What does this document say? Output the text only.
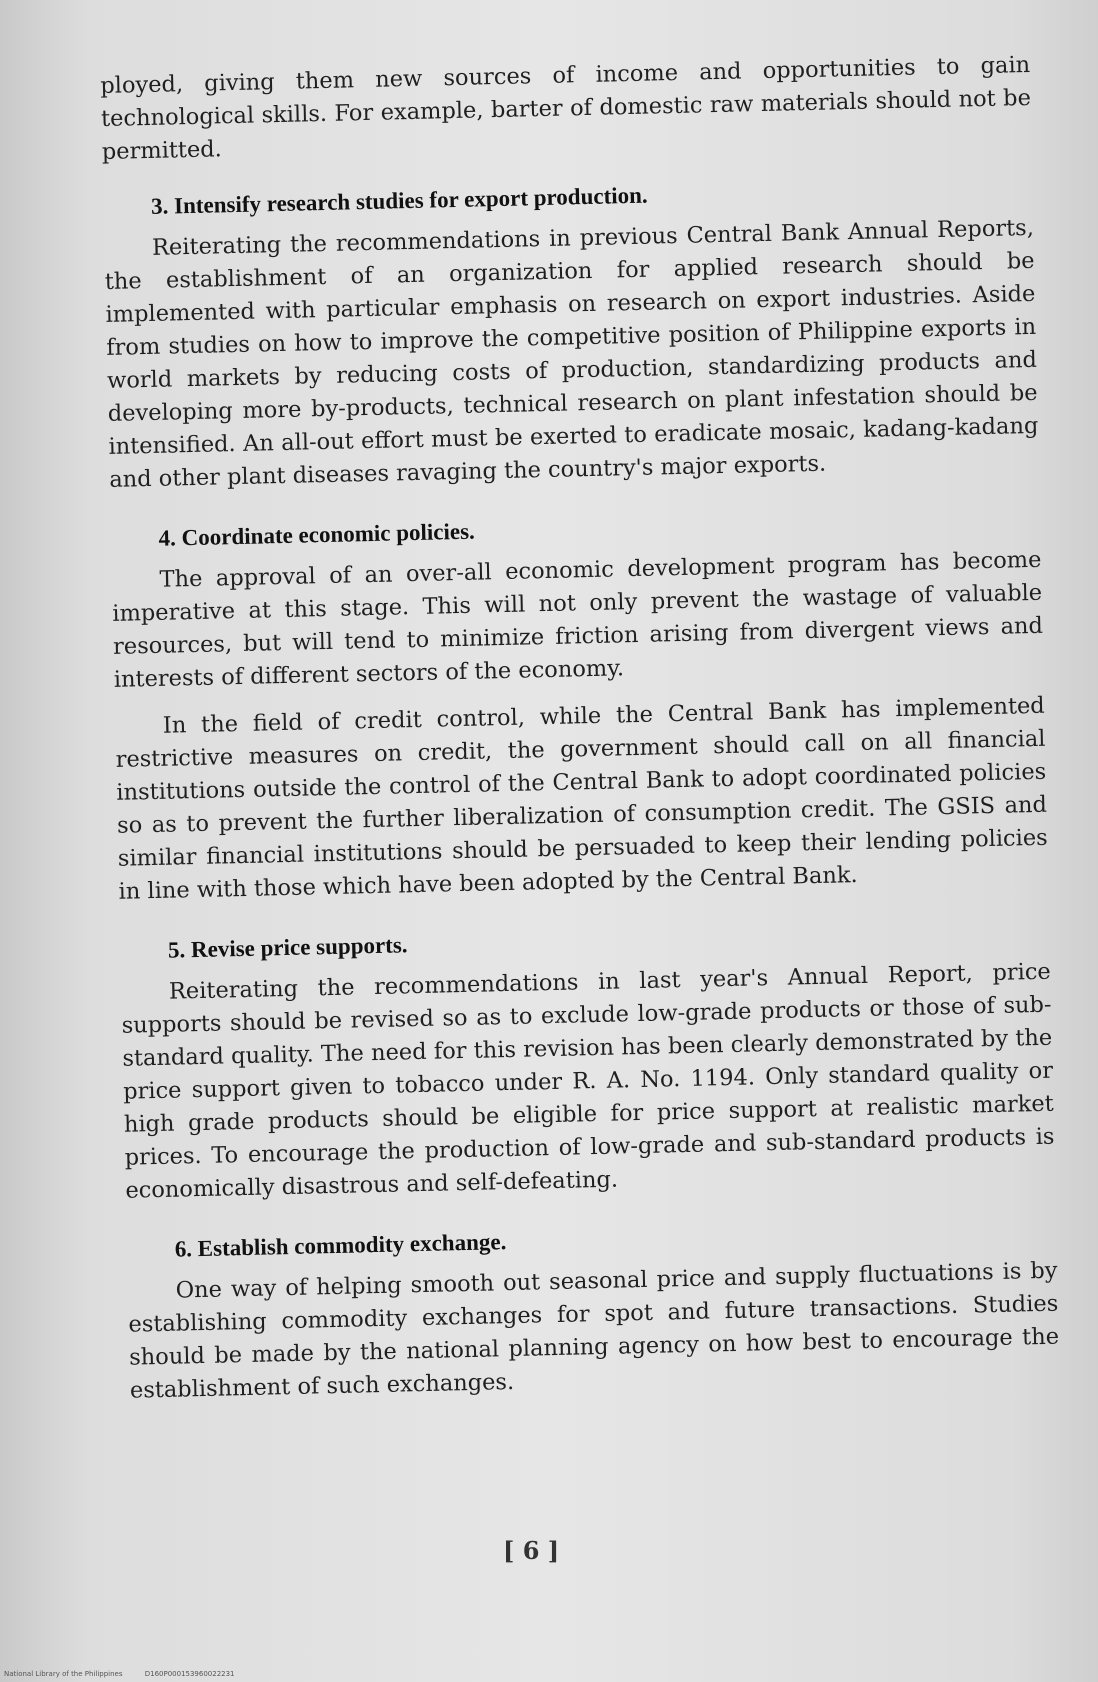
ployed, giving them new sources of income and opportunities to gain technological skills. For example, barter of domestic raw materials should not be permitted.

3. Intensify research studies for export production.

Reiterating the recommendations in previous Central Bank Annual Reports, the establishment of an organization for applied research should be implemented with particular emphasis on research on export industries. Aside from studies on how to improve the competitive position of Philippine exports in world markets by reducing costs of production, standardizing products and developing more by-products, technical research on plant infestation should be intensified. An all-out effort must be exerted to eradicate mosaic, kadang-kadang and other plant diseases ravaging the country's major exports.

4. Coordinate economic policies.

The approval of an over-all economic development program has become imperative at this stage. This will not only prevent the wastage of valuable resources, but will tend to minimize friction arising from divergent views and interests of different sectors of the economy.

In the field of credit control, while the Central Bank has implemented restrictive measures on credit, the government should call on all financial institutions outside the control of the Central Bank to adopt coordinated policies so as to prevent the further liberalization of consumption credit. The GSIS and similar financial institutions should be persuaded to keep their lending policies in line with those which have been adopted by the Central Bank.

5. Revise price supports.

Reiterating the recommendations in last year's Annual Report, price supports should be revised so as to exclude low-grade products or those of sub-standard quality. The need for this revision has been clearly demonstrated by the price support given to tobacco under R. A. No. 1194. Only standard quality or high grade products should be eligible for price support at realistic market prices. To encourage the production of low-grade and sub-standard products is economically disastrous and self-defeating.

6. Establish commodity exchange.

One way of helping smooth out seasonal price and supply fluctuations is by establishing commodity exchanges for spot and future transactions. Studies should be made by the national planning agency on how best to encourage the establishment of such exchanges.

[ 6 ]
National Library of the Philippines	D160P000153960022231
